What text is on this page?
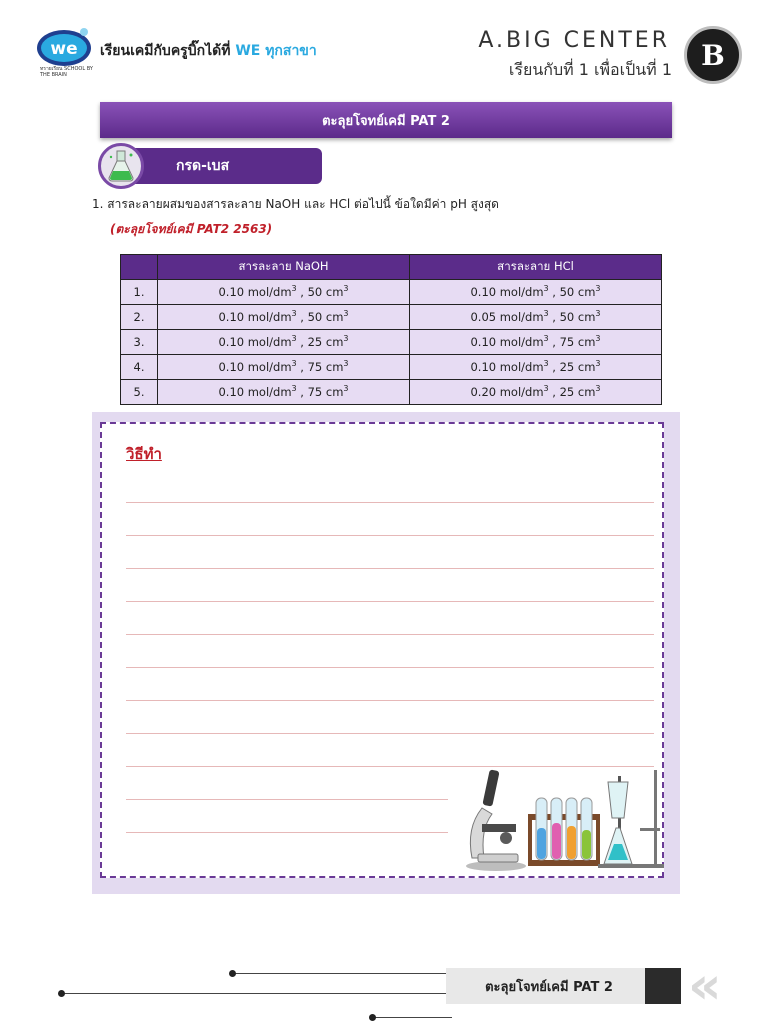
we
ทรายเรียน SCHOOL BY THE BRAIN
เรียนเคมีกับครูบิ๊กได้ที่ WE ทุกสาขา	A.BIG CENTER
เรียนกับที่ 1 เพื่อเป็นที่ 1	B
ตะลุยโจทย์เคมี PAT 2
กรด-เบส
1. สารละลายผสมของสารละลาย NaOH และ HCl ต่อไปนี้ ข้อใดมีค่า pH สูงสุด
(ตะลุยโจทย์เคมี PAT2 2563)
	สารละลาย NaOH	สารละลาย HCl
1.	0.10 mol/$dm^3$ , 50 $cm^3$	0.10 mol/$dm^3$ , 50 $cm^3$
2.	0.10 mol/$dm^3$ , 50 $cm^3$	0.05 mol/$dm^3$ , 50 $cm^3$
3.	0.10 mol/$dm^3$ , 25 $cm^3$	0.10 mol/$dm^3$ , 75 $cm^3$
4.	0.10 mol/$dm^3$ , 75 $cm^3$	0.10 mol/$dm^3$ , 25 $cm^3$
5.	0.10 mol/$dm^3$ , 75 $cm^3$	0.20 mol/$dm^3$ , 25 $cm^3$
วิธีทำ
ตะลุยโจทย์เคมี PAT 2	«
